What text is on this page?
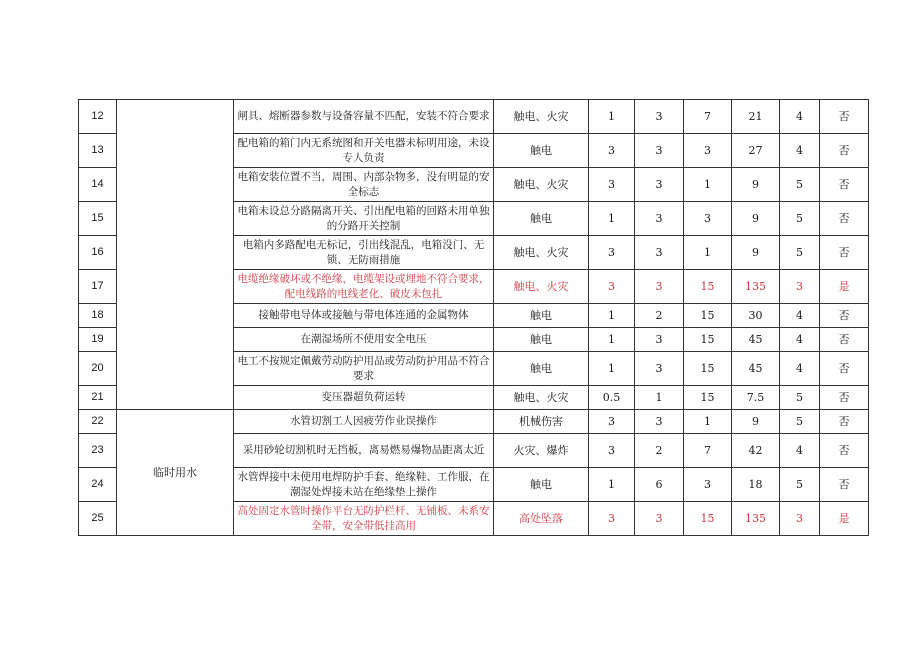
12		闸具、熔断器参数与设备容量不匹配，安装不符合要求	触电、火灾	1	3	7	21	4	否
13		配电箱的箱门内无系统图和开关电器未标明用途，未设专人负责	触电	3	3	3	27	4	否
14		电箱安装位置不当，周围、内部杂物多，没有明显的安全标志	触电、火灾	3	3	1	9	5	否
15		电箱未设总分路隔离开关、引出配电箱的回路未用单独的分路开关控制	触电	1	3	3	9	5	否
16		电箱内多路配电无标记，引出线混乱，电箱没门、无锁、无防雨措施	触电、火灾	3	3	1	9	5	否
17		电缆绝缘破坏或不绝缘，电缆架设或埋地不符合要求，配电线路的电线老化、破皮未包扎	触电、火灾	3	3	15	135	3	是
18		接触带电导体或接触与带电体连通的金属物体	触电	1	2	15	30	4	否
19		在潮湿场所不使用安全电压	触电	1	3	15	45	4	否
20		电工不按规定佩戴劳动防护用品或劳动防护用品不符合要求	触电	1	3	15	45	4	否
21		变压器超负荷运转	触电、火灾	0.5	1	15	7.5	5	否
22	临时用水	水管切割工人因疲劳作业误操作	机械伤害	3	3	1	9	5	否
23		采用砂轮切割机时无挡板，离易燃易爆物品距离太近	火灾、爆炸	3	2	7	42	4	否
24		水管焊接中未使用电焊防护手套、绝缘鞋、工作服，在潮湿处焊接未站在绝缘垫上操作	触电	1	6	3	18	5	否
25		高处固定水管时操作平台无防护栏杆、无铺板、未系安全带，安全带低挂高用	高处坠落	3	3	15	135	3	是
